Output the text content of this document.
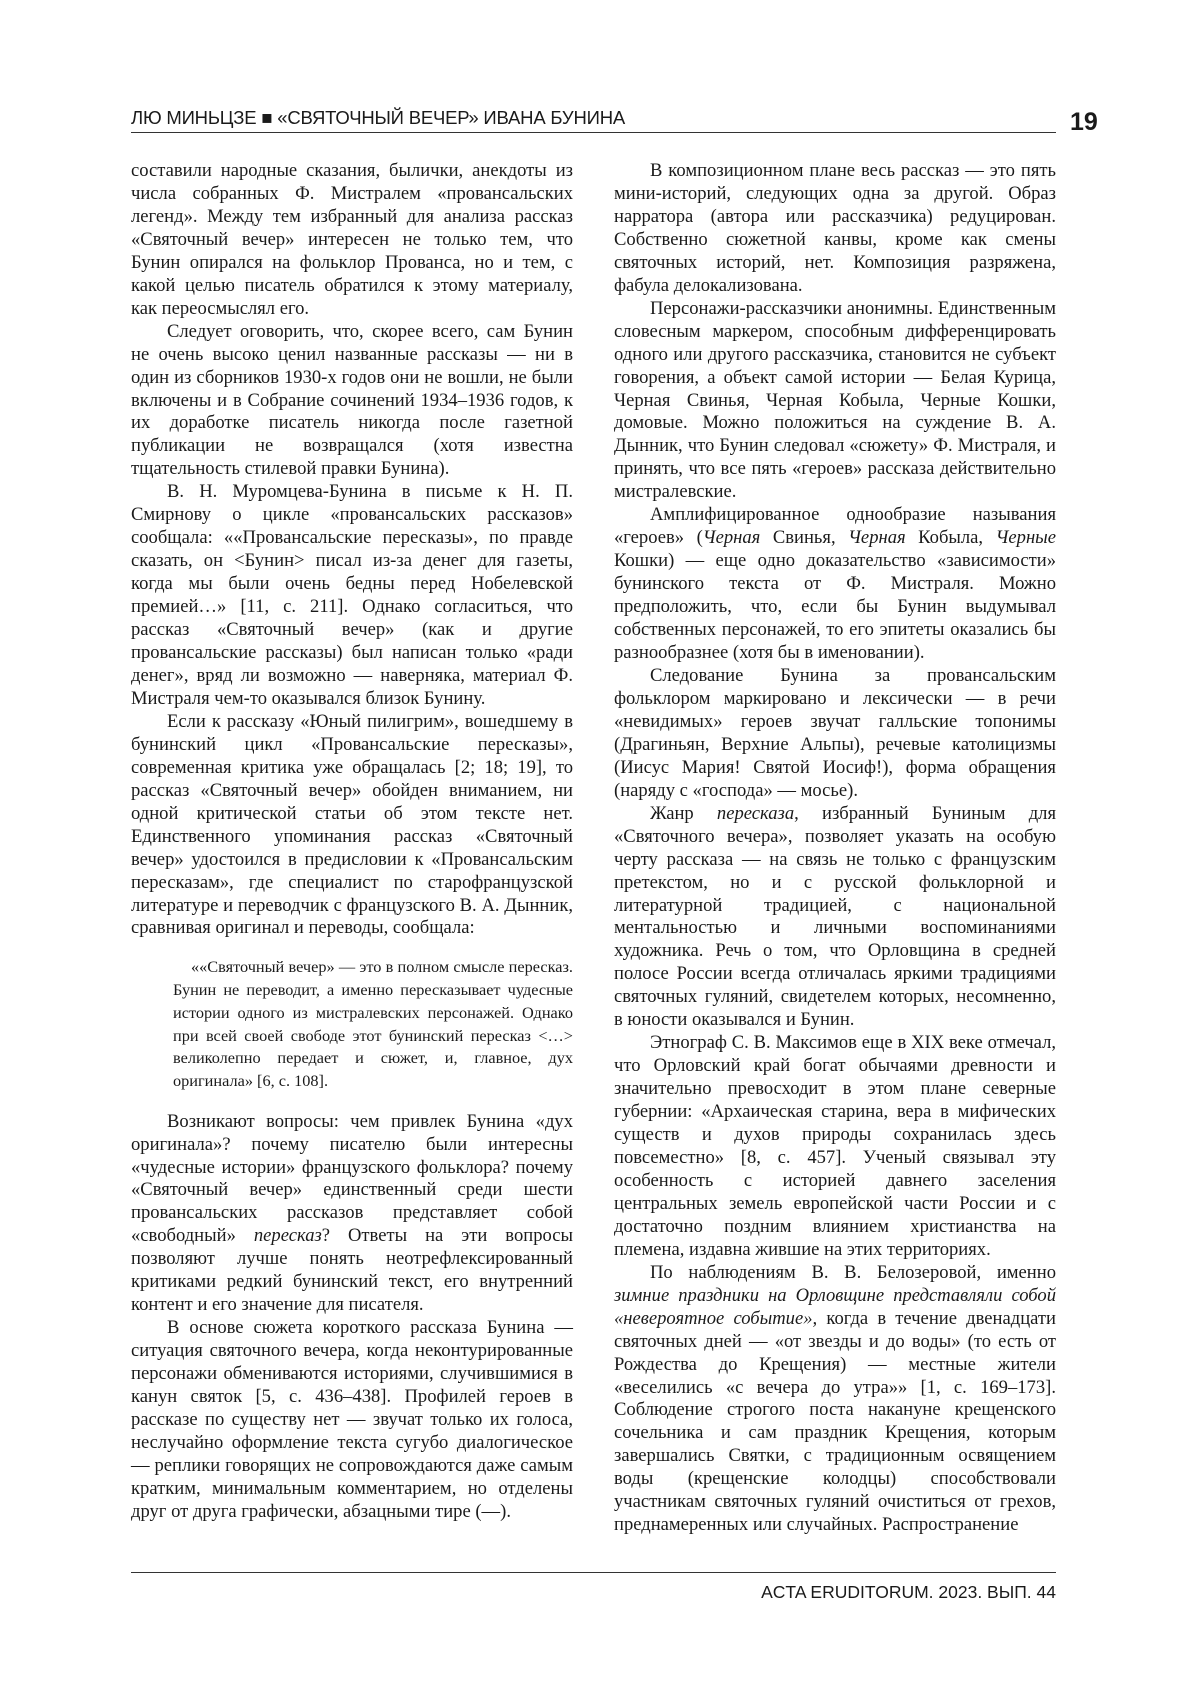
ЛЮ МИНЬЦЗЕ ■ «СВЯТОЧНЫЙ ВЕЧЕР» ИВАНА БУНИНА	19

составили народные сказания, былички, анекдоты из числа собранных Ф. Мистралем «провансальских легенд». Между тем избранный для анализа рассказ «Святочный вечер» интересен не только тем, что Бунин опирался на фольклор Прованса, но и тем, с какой целью писатель обратился к этому материалу, как переосмыслял его.

Следует оговорить, что, скорее всего, сам Бунин не очень высоко ценил названные рассказы — ни в один из сборников 1930-х годов они не вошли, не были включены и в Собрание сочинений 1934–1936 годов, к их доработке писатель никогда после газетной публикации не возвращался (хотя известна тщательность стилевой правки Бунина).

В. Н. Муромцева-Бунина в письме к Н. П. Смирнову о цикле «провансальских рассказов» сообщала: ««Провансальские пересказы», по правде сказать, он <Бунин> писал из-за денег для газеты, когда мы были очень бедны перед Нобелевской премией…» [11, с. 211]. Однако согласиться, что рассказ «Святочный вечер» (как и другие провансальские рассказы) был написан только «ради денег», вряд ли возможно — наверняка, материал Ф. Мистраля чем-то оказывался близок Бунину.

Если к рассказу «Юный пилигрим», вошедшему в бунинский цикл «Провансальские пересказы», современная критика уже обращалась [2; 18; 19], то рассказ «Святочный вечер» обойден вниманием, ни одной критической статьи об этом тексте нет. Единственного упоминания рассказ «Святочный вечер» удостоился в предисловии к «Провансальским пересказам», где специалист по старофранцузской литературе и переводчик с французского В. А. Дынник, сравнивая оригинал и переводы, сообщала:

««Святочный вечер» — это в полном смысле пересказ. Бунин не переводит, а именно пересказывает чудесные истории одного из мистралевских персонажей. Однако при всей своей свободе этот бунинский пересказ <…> великолепно передает и сюжет, и, главное, дух оригинала» [6, с. 108].

Возникают вопросы: чем привлек Бунина «дух оригинала»? почему писателю были интересны «чудесные истории» французского фольклора? почему «Святочный вечер» единственный среди шести провансальских рассказов представляет собой «свободный» пересказ? Ответы на эти вопросы позволяют лучше понять неотрефлексированный критиками редкий бунинский текст, его внутренний контент и его значение для писателя.

В основе сюжета короткого рассказа Бунина — ситуация святочного вечера, когда неконтурированные персонажи обмениваются историями, случившимися в канун святок [5, с. 436–438]. Профилей героев в рассказе по существу нет — звучат только их голоса, неслучайно оформление текста сугубо диалогическое — реплики говорящих не сопровождаются даже самым кратким, минимальным комментарием, но отделены друг от друга графически, абзацными тире (—).

В композиционном плане весь рассказ — это пять мини-историй, следующих одна за другой. Образ нарратора (автора или рассказчика) редуцирован. Собственно сюжетной канвы, кроме как смены святочных историй, нет. Композиция разряжена, фабула делокализована.

Персонажи-рассказчики анонимны. Единственным словесным маркером, способным дифференцировать одного или другого рассказчика, становится не субъект говорения, а объект самой истории — Белая Курица, Черная Свинья, Черная Кобыла, Черные Кошки, домовые. Можно положиться на суждение В. А. Дынник, что Бунин следовал «сюжету» Ф. Мистраля, и принять, что все пять «героев» рассказа действительно мистралевские.

Амплифицированное однообразие называния «героев» (Черная Свинья, Черная Кобыла, Черные Кошки) — еще одно доказательство «зависимости» бунинского текста от Ф. Мистраля. Можно предположить, что, если бы Бунин выдумывал собственных персонажей, то его эпитеты оказались бы разнообразнее (хотя бы в именовании).

Следование Бунина за провансальским фольклором маркировано и лексически — в речи «невидимых» героев звучат галльские топонимы (Драгиньян, Верхние Альпы), речевые католицизмы (Иисус Мария! Святой Иосиф!), форма обращения (наряду с «господа» — мосье).

Жанр пересказа, избранный Буниным для «Святочного вечера», позволяет указать на особую черту рассказа — на связь не только с французским претекстом, но и с русской фольклорной и литературной традицией, с национальной ментальностью и личными воспоминаниями художника. Речь о том, что Орловщина в средней полосе России всегда отличалась яркими традициями святочных гуляний, свидетелем которых, несомненно, в юности оказывался и Бунин.

Этнограф С. В. Максимов еще в XIX веке отмечал, что Орловский край богат обычаями древности и значительно превосходит в этом плане северные губернии: «Архаическая старина, вера в мифических существ и духов природы сохранилась здесь повсеместно» [8, с. 457]. Ученый связывал эту особенность с историей давнего заселения центральных земель европейской части России и с достаточно поздним влиянием христианства на племена, издавна жившие на этих территориях.

По наблюдениям В. В. Белозеровой, именно зимние праздники на Орловщине представляли собой «невероятное событие», когда в течение двенадцати святочных дней — «от звезды и до воды» (то есть от Рождества до Крещения) — местные жители «веселились «с вечера до утра»» [1, с. 169–173]. Соблюдение строгого поста накануне крещенского сочельника и сам праздник Крещения, которым завершались Святки, с традиционным освящением воды (крещенские колодцы) способствовали участникам святочных гуляний очиститься от грехов, преднамеренных или случайных. Распространение

ACTA ERUDITORUM. 2023. ВЫП. 44
